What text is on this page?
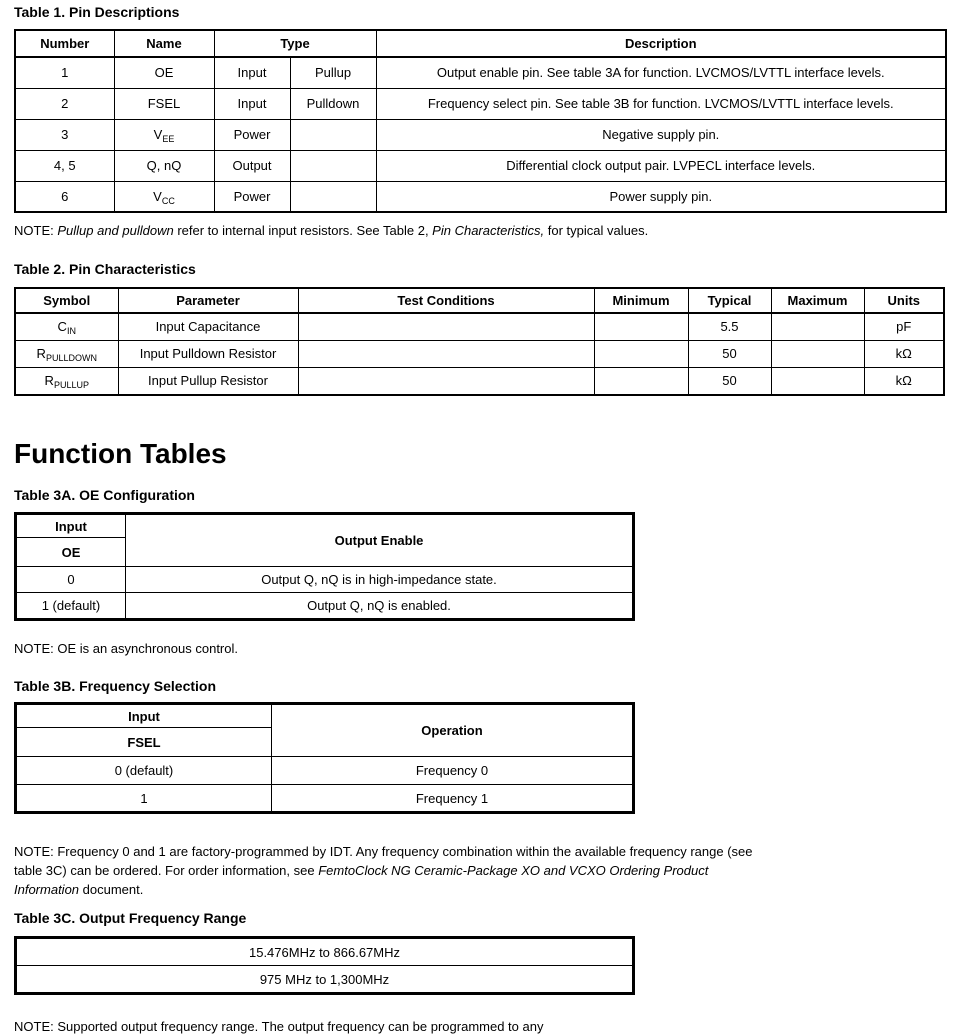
Table 1. Pin Descriptions
Number	Name	Type		Description
1	OE	Input	Pullup	Output enable pin. See table 3A for function. LVCMOS/LVTTL interface levels.
2	FSEL	Input	Pulldown	Frequency select pin. See table 3B for function. LVCMOS/LVTTL interface levels.
3	$V_{EE}$	Power		Negative supply pin.
4, 5	Q, nQ	Output		Differential clock output pair. LVPECL interface levels.
6	$V_{CC}$	Power		Power supply pin.
NOTE: Pullup and pulldown refer to internal input resistors. See Table 2, Pin Characteristics, for typical values.
Table 2. Pin Characteristics
Symbol	Parameter	Test Conditions	Minimum	Typical	Maximum	Units
$C_{IN}$	Input Capacitance			5.5		pF
$R_{PULLDOWN}$	Input Pulldown Resistor			50		kΩ
$R_{PULLUP}$	Input Pullup Resistor			50		kΩ
Function Tables
Table 3A. OE Configuration
Input	Output Enable
OE	
0	Output Q, nQ is in high-impedance state.
1 (default)	Output Q, nQ is enabled.
NOTE: OE is an asynchronous control.
Table 3B. Frequency Selection
Input	Operation
FSEL	
0 (default)	Frequency 0
1	Frequency 1
NOTE: Frequency 0 and 1 are factory-programmed by IDT. Any frequency combination within the available frequency range (see table 3C) can be ordered. For order information, see FemtoClock NG Ceramic-Package XO and VCXO Ordering Product Information document.
Table 3C. Output Frequency Range
15.476MHz to 866.67MHz
975 MHz to 1,300MHz
NOTE: Supported output frequency range. The output frequency can be programmed to any
